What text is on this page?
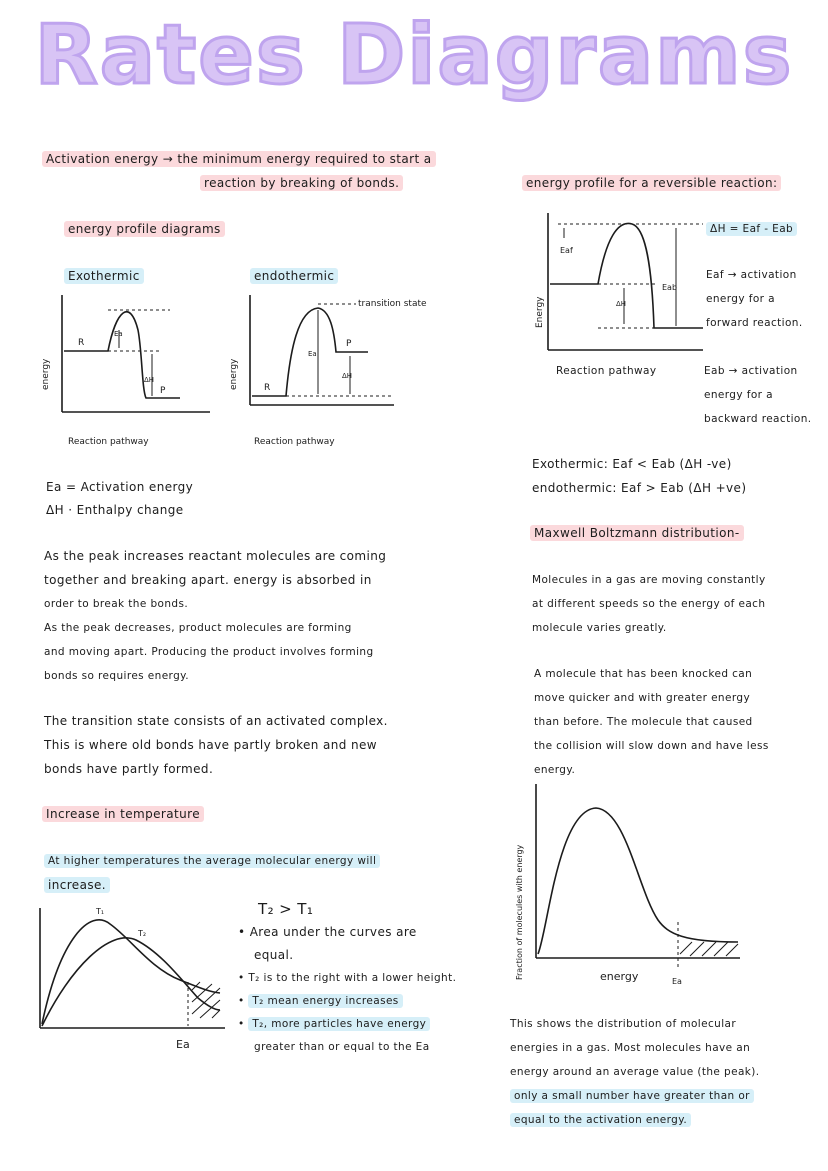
Rates Diagrams
Activation energy → the minimum energy required to start a
reaction by breaking of bonds.
energy profile diagrams
Exothermic	endothermic
R
Ea
ΔH
P
energy
Reaction pathway
transition state
R
Ea
ΔH
P
energy
Reaction pathway
Ea = Activation energy
ΔH · Enthalpy change
As the peak increases reactant molecules are coming
together and breaking apart. energy is absorbed in
order to break the bonds.
As the peak decreases, product molecules are forming
and moving apart. Producing the product involves forming
bonds so requires energy.
The transition state consists of an activated complex.
This is where old bonds have partly broken and new
bonds have partly formed.
Increase in temperature
At higher temperatures the average molecular energy will
increase.
T₁
T₂
Ea
T₂ > T₁
• Area under the curves are
equal.
• T₂ is to the right with a lower height.
• T₂ mean energy increases
• T₂, more particles have energy
greater than or equal to the Ea
energy profile for a reversible reaction:
Eaf
ΔH
Eab
Energy
Reaction pathway
ΔH = Eaf - Eab
Eaf → activation
energy for a
forward reaction.
Eab → activation
energy for a
backward reaction.
Exothermic: Eaf < Eab (ΔH -ve)
endothermic: Eaf > Eab (ΔH +ve)
Maxwell Boltzmann distribution-
Molecules in a gas are moving constantly
at different speeds so the energy of each
molecule varies greatly.
A molecule that has been knocked can
move quicker and with greater energy
than before. The molecule that caused
the collision will slow down and have less
energy.
Fraction of molecules with energy	energy	Ea
This shows the distribution of molecular
energies in a gas. Most molecules have an
energy around an average value (the peak).
only a small number have greater than or
equal to the activation energy.
